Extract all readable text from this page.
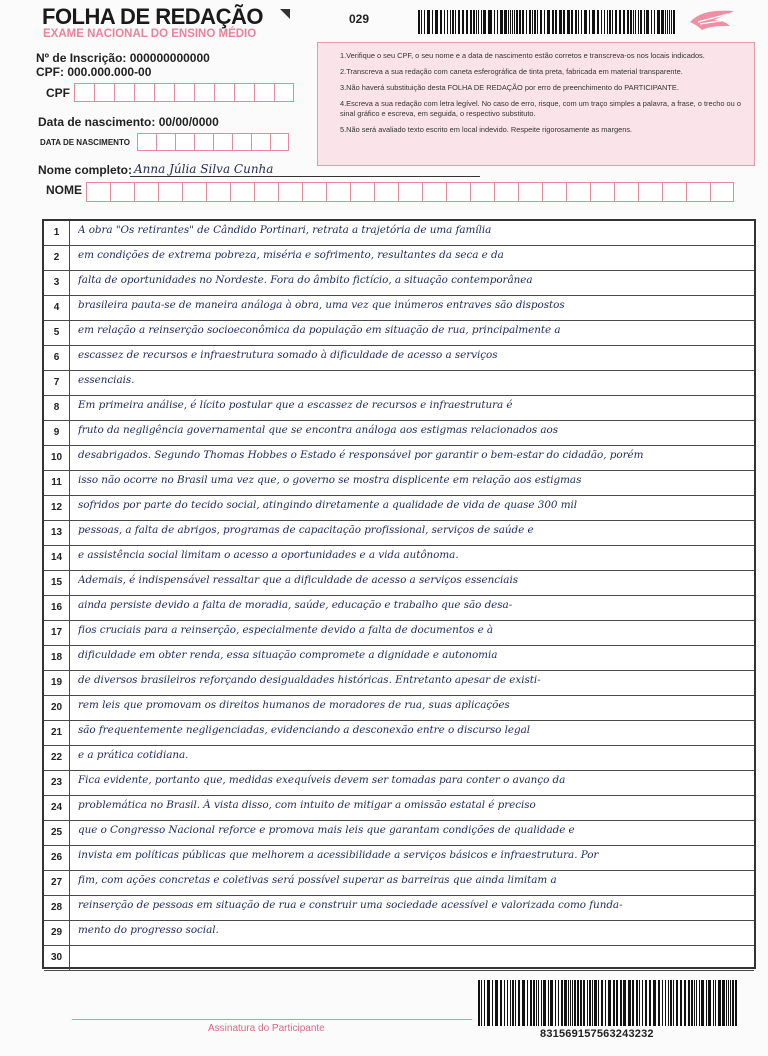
FOLHA DE REDAÇÃO
EXAME NACIONAL DO ENSINO MÉDIO
029
Nº de Inscrição: 000000000000
CPF: 000.000.000-00
CPF
Data de nascimento: 00/00/0000
DATA DE NASCIMENTO

1.Verifique o seu CPF, o seu nome e a data de nascimento estão corretos e transcreva-os nos locais indicados.

2.Transcreva a sua redação com caneta esferográfica de tinta preta, fabricada em material transparente.

3.Não haverá substituição desta FOLHA DE REDAÇÃO por erro de preenchimento do PARTICIPANTE.

4.Escreva a sua redação com letra legível. No caso de erro, risque, com um traço simples a palavra, a frase, o trecho ou o sinal gráfico e escreva, em seguida, o respectivo substituto.

5.Não será avaliado texto escrito em local indevido. Respeite rigorosamente as margens.

Nome completo: Anna Júlia Silva Cunha
NOME
1	A obra "Os retirantes" de Cândido Portinari, retrata a trajetória de uma família
2	em condições de extrema pobreza, miséria e sofrimento, resultantes da seca e da
3	falta de oportunidades no Nordeste. Fora do âmbito fictício, a situação contemporânea
4	brasileira pauta-se de maneira análoga à obra, uma vez que inúmeros entraves são dispostos
5	em relação a reinserção socioeconômica da população em situação de rua, principalmente a
6	escassez de recursos e infraestrutura somado à dificuldade de acesso a serviços
7	essenciais.
8	Em primeira análise, é lícito postular que a escassez de recursos e infraestrutura é
9	fruto da negligência governamental que se encontra análoga aos estigmas relacionados aos
10	desabrigados. Segundo Thomas Hobbes o Estado é responsável por garantir o bem-estar do cidadão, porém
11	isso não ocorre no Brasil uma vez que, o governo se mostra displicente em relação aos estigmas
12	sofridos por parte do tecido social, atingindo diretamente a qualidade de vida de quase 300 mil
13	pessoas, a falta de abrigos, programas de capacitação profissional, serviços de saúde e
14	e assistência social limitam o acesso a oportunidades e a vida autônoma.
15	Ademais, é indispensável ressaltar que a dificuldade de acesso a serviços essenciais
16	ainda persiste devido a falta de moradia, saúde, educação e trabalho que são desa-
17	fios cruciais para a reinserção, especialmente devido a falta de documentos e à
18	dificuldade em obter renda, essa situação compromete a dignidade e autonomia
19	de diversos brasileiros reforçando desigualdades históricas. Entretanto apesar de existi-
20	rem leis que promovam os direitos humanos de moradores de rua, suas aplicações
21	são frequentemente negligenciadas, evidenciando a desconexão entre o discurso legal
22	e a prática cotidiana.
23	Fica evidente, portanto que, medidas exequíveis devem ser tomadas para conter o avanço da
24	problemática no Brasil. À vista disso, com intuito de mitigar a omissão estatal é preciso
25	que o Congresso Nacional reforce e promova mais leis que garantam condições de qualidade e
26	invista em políticas públicas que melhorem a acessibilidade a serviços básicos e infraestrutura. Por
27	fim, com ações concretas e coletivas será possível superar as barreiras que ainda limitam a
28	reinserção de pessoas em situação de rua e construir uma sociedade acessível e valorizada como funda-
29	mento do progresso social.
30
831569157563243232
Assinatura do Participante
